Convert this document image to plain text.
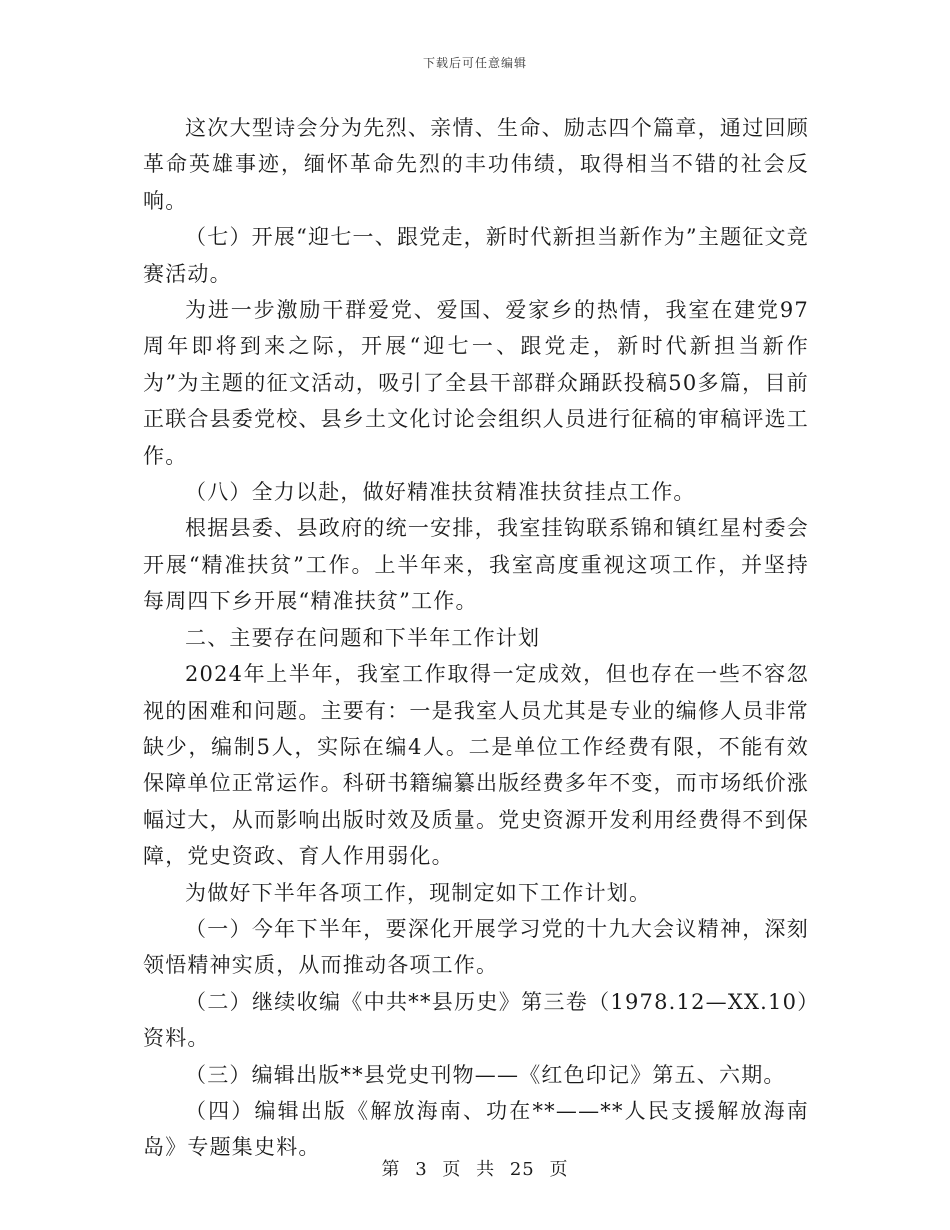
下载后可任意编辑

这次大型诗会分为先烈、亲情、生命、励志四个篇章，通过回顾革命英雄事迹，缅怀革命先烈的丰功伟绩，取得相当不错的社会反响。

（七）开展“迎七一、跟党走，新时代新担当新作为”主题征文竞赛活动。

为进一步激励干群爱党、爱国、爱家乡的热情，我室在建党97周年即将到来之际，开展“迎七一、跟党走，新时代新担当新作为”为主题的征文活动，吸引了全县干部群众踊跃投稿50多篇，目前正联合县委党校、县乡土文化讨论会组织人员进行征稿的审稿评选工作。

（八）全力以赴，做好精准扶贫精准扶贫挂点工作。

根据县委、县政府的统一安排，我室挂钩联系锦和镇红星村委会开展“精准扶贫”工作。上半年来，我室高度重视这项工作，并坚持每周四下乡开展“精准扶贫”工作。

二、主要存在问题和下半年工作计划

2024年上半年，我室工作取得一定成效，但也存在一些不容忽视的困难和问题。主要有：一是我室人员尤其是专业的编修人员非常缺少，编制5人，实际在编4人。二是单位工作经费有限，不能有效保障单位正常运作。科研书籍编纂出版经费多年不变，而市场纸价涨幅过大，从而影响出版时效及质量。党史资源开发利用经费得不到保障，党史资政、育人作用弱化。

为做好下半年各项工作，现制定如下工作计划。

（一）今年下半年，要深化开展学习党的十九大会议精神，深刻领悟精神实质，从而推动各项工作。

（二）继续收编《中共**县历史》第三卷（1978.12—XX.10）资料。

（三）编辑出版**县党史刊物——《红色印记》第五、六期。

（四）编辑出版《解放海南、功在**——**人民支援解放海南岛》专题集史料。

第 3 页 共 25 页
